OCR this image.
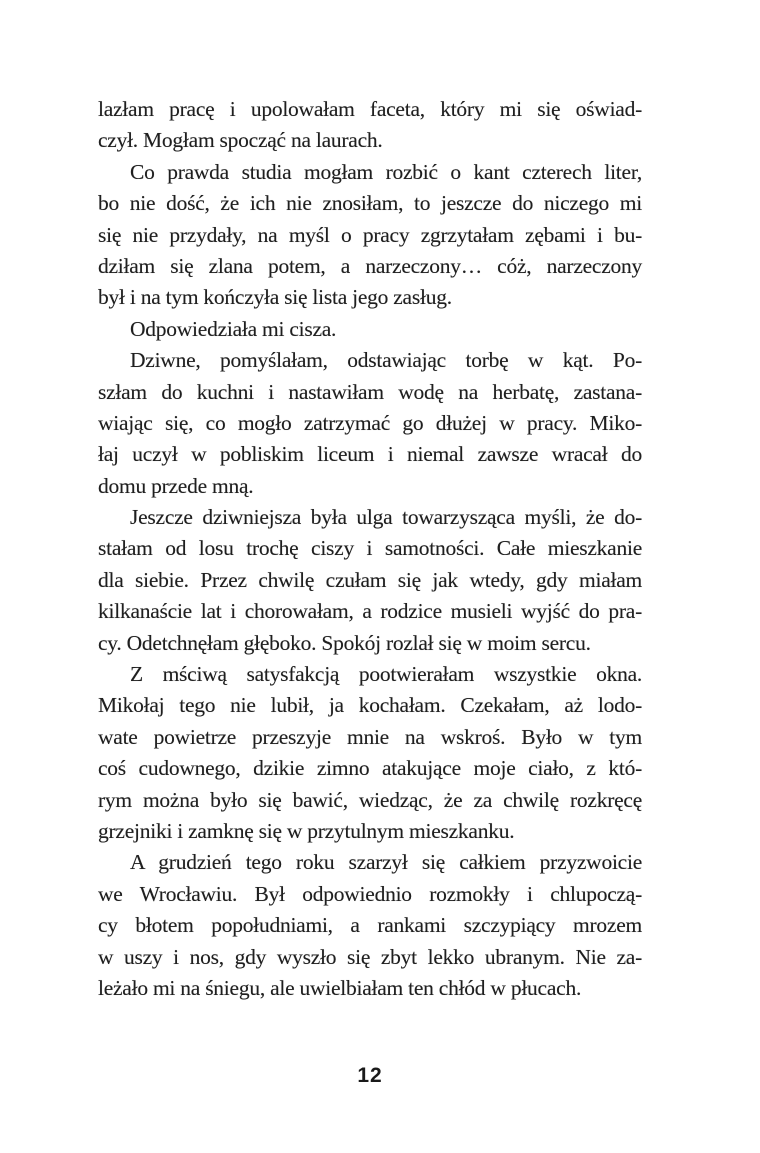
lazłam pracę i upolowałam faceta, który mi się oświad-
czył. Mogłam spocząć na laurach.
Co prawda studia mogłam rozbić o kant czterech liter,
bo nie dość, że ich nie znosiłam, to jeszcze do niczego mi
się nie przydały, na myśl o pracy zgrzytałam zębami i bu-
dziłam się zlana potem, a narzeczony… cóż, narzeczony
był i na tym kończyła się lista jego zasług.
Odpowiedziała mi cisza.
Dziwne, pomyślałam, odstawiając torbę w kąt. Po-
szłam do kuchni i nastawiłam wodę na herbatę, zastana-
wiając się, co mogło zatrzymać go dłużej w pracy. Miko-
łaj uczył w pobliskim liceum i niemal zawsze wracał do
domu przede mną.
Jeszcze dziwniejsza była ulga towarzysząca myśli, że do-
stałam od losu trochę ciszy i samotności. Całe mieszkanie
dla siebie. Przez chwilę czułam się jak wtedy, gdy miałam
kilkanaście lat i chorowałam, a rodzice musieli wyjść do pra-
cy. Odetchnęłam głęboko. Spokój rozlał się w moim sercu.
Z mściwą satysfakcją pootwierałam wszystkie okna.
Mikołaj tego nie lubił, ja kochałam. Czekałam, aż lodo-
wate powietrze przeszyje mnie na wskroś. Było w tym
coś cudownego, dzikie zimno atakujące moje ciało, z któ-
rym można było się bawić, wiedząc, że za chwilę rozkręcę
grzejniki i zamknę się w przytulnym mieszkanku.
A grudzień tego roku szarzył się całkiem przyzwoicie
we Wrocławiu. Był odpowiednio rozmokły i chlupoczą-
cy błotem popołudniami, a rankami szczypiący mrozem
w uszy i nos, gdy wyszło się zbyt lekko ubranym. Nie za-
leżało mi na śniegu, ale uwielbiałam ten chłód w płucach.
12
